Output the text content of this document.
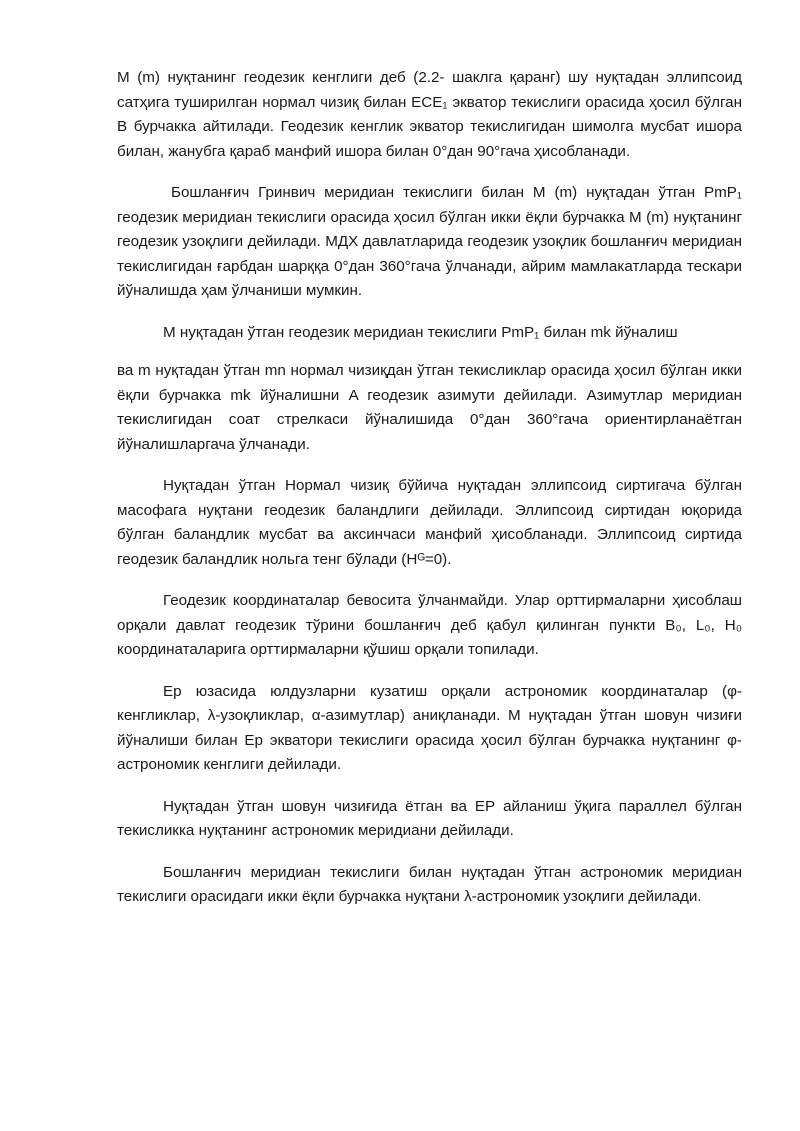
M (m) нуқтанинг геодезик кенглиги деб (2.2- шаклга қаранг) шу нуқтадан эллипсоид сатҳига туширилган нормал чизиқ билан ECE₁ экватор текислиги орасида ҳосил бўлган B бурчакка айтилади. Геодезик кенглик экватор текислигидан шимолга мусбат ишора билан, жанубга қараб манфий ишора билан 0°дан 90°гача ҳисобланади.

Бошланғич Гринвич меридиан текислиги билан M (m) нуқтадан ўтган PmP₁ геодезик меридиан текислиги орасида ҳосил бўлган икки ёқли бурчакка M (m) нуқтанинг геодезик узоқлиги дейилади. МДХ давлатларида геодезик узоқлик бошланғич меридиан текислигидан ғарбдан шарққа 0°дан 360°гача ўлчанади, айрим мамлакатларда тескари йўналишда ҳам ўлчаниши мумкин.

M нуқтадан ўтган геодезик меридиан текислиги PmP₁ билан mk йўналиш

ва m нуқтадан ўтган mn нормал чизиқдан ўтган текисликлар орасида ҳосил бўлган икки ёқли бурчакка mk йўналишни A геодезик азимути дейилади. Азимутлар меридиан текислигидан соат стрелкаси йўналишида 0°дан 360°гача ориентирланаётган йўналишларгача ўлчанади.

Нуқтадан ўтган Нормал чизиқ бўйича нуқтадан эллипсоид сиртигача бўлган масофага нуқтани геодезик баландлиги дейилади. Эллипсоид сиртидан юқорида бўлган баландлик мусбат ва аксинчаси манфий ҳисобланади. Эллипсоид сиртида геодезик баландлик нольга тенг бўлади (Hᴳ=0).

Геодезик координаталар бевосита ўлчанмайди. Улар орттирмаларни ҳисоблаш орқали давлат геодезик тўрини бошланғич деб қабул қилинган пункти B₀, L₀, H₀ координаталарига орттирмаларни қўшиш орқали топилади.

Ер юзасида юлдузларни кузатиш орқали астрономик координаталар (φ-кенгликлар, λ-узоқликлар, α-азимутлар) аниқланади. M нуқтадан ўтган шовун чизиғи йўналиши билан Ер экватори текислиги орасида ҳосил бўлган бурчакка нуқтанинг φ-астрономик кенглиги дейилади.

Нуқтадан ўтган шовун чизиғида ётган ва ЕР айланиш ўқига параллел бўлган текисликка нуқтанинг астрономик меридиани дейилади.

Бошланғич меридиан текислиги билан нуқтадан ўтган астрономик меридиан текислиги орасидаги икки ёқли бурчакка нуқтани λ-астрономик узоқлиги дейилади.
